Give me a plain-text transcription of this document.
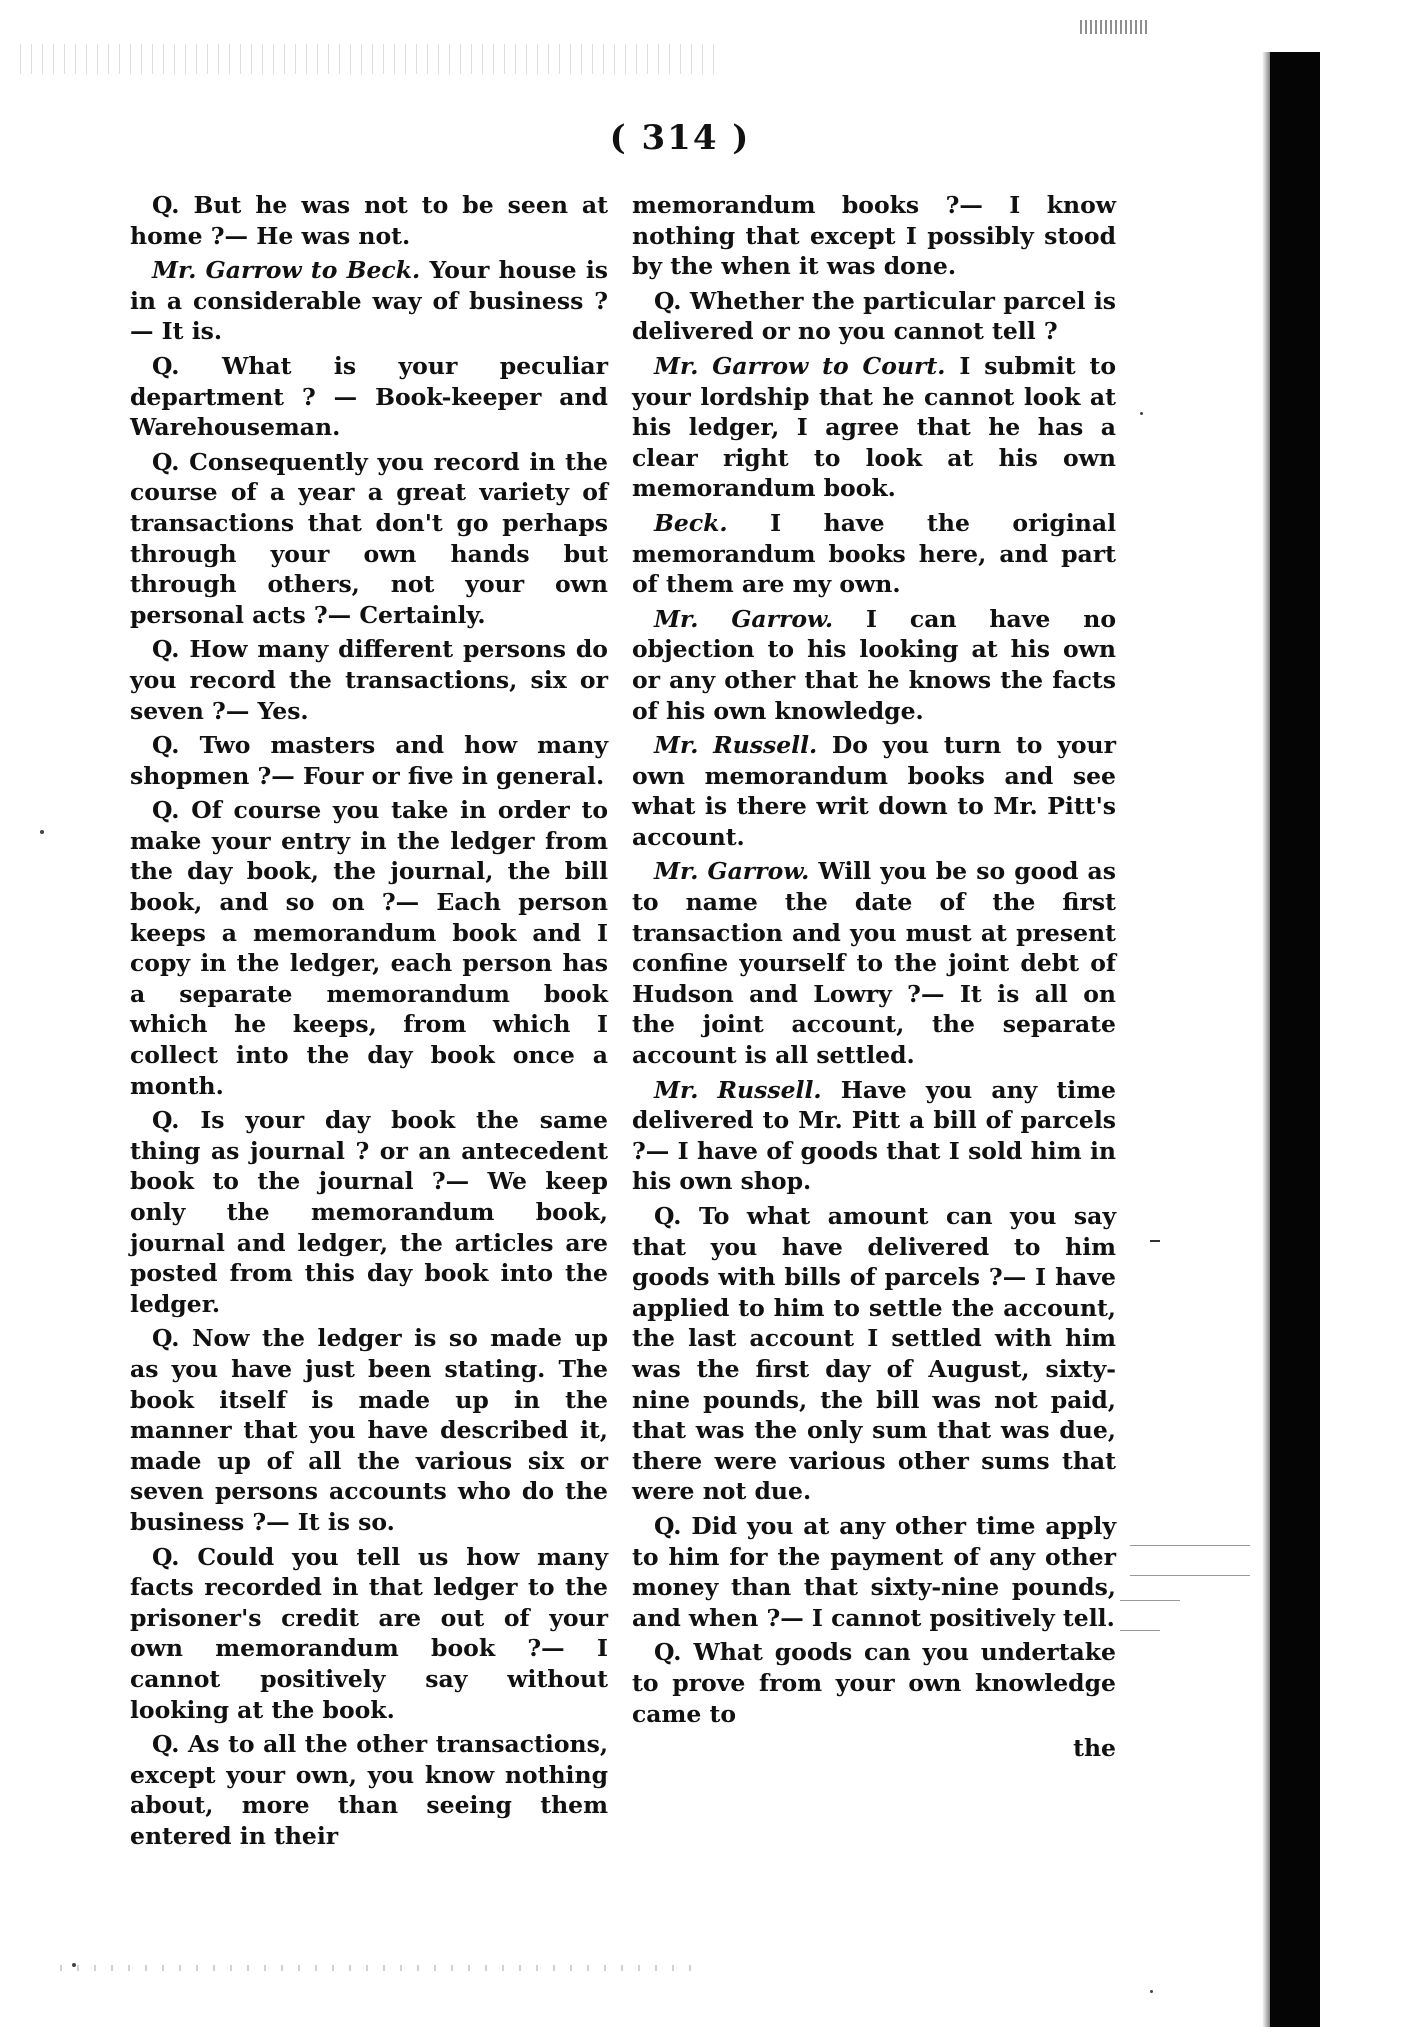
( 314 )

Q. But he was not to be seen at home ?— He was not.

Mr. Garrow to Beck. Your house is in a considerable way of business ?— It is.

Q. What is your peculiar department ? — Book-keeper and Warehouseman.

Q. Consequently you record in the course of a year a great variety of transactions that don't go perhaps through your own hands but through others, not your own personal acts ?— Certainly.

Q. How many different persons do you record the transactions, six or seven ?— Yes.

Q. Two masters and how many shopmen ?— Four or five in general.

Q. Of course you take in order to make your entry in the ledger from the day book, the journal, the bill book, and so on ?— Each person keeps a memorandum book and I copy in the ledger, each person has a separate memorandum book which he keeps, from which I collect into the day book once a month.

Q. Is your day book the same thing as journal ? or an antecedent book to the journal ?— We keep only the memorandum book, journal and ledger, the articles are posted from this day book into the ledger.

Q. Now the ledger is so made up as you have just been stating. The book itself is made up in the manner that you have described it, made up of all the various six or seven persons accounts who do the business ?— It is so.

Q. Could you tell us how many facts recorded in that ledger to the prisoner's credit are out of your own memorandum book ?— I cannot positively say without looking at the book.

Q. As to all the other transactions, except your own, you know nothing about, more than seeing them entered in their

memorandum books ?— I know nothing that except I possibly stood by the when it was done.

Q. Whether the particular parcel is delivered or no you cannot tell ?

Mr. Garrow to Court. I submit to your lordship that he cannot look at his ledger, I agree that he has a clear right to look at his own memorandum book.

Beck. I have the original memorandum books here, and part of them are my own.

Mr. Garrow. I can have no objection to his looking at his own or any other that he knows the facts of his own knowledge.

Mr. Russell. Do you turn to your own memorandum books and see what is there writ down to Mr. Pitt's account.

Mr. Garrow. Will you be so good as to name the date of the first transaction and you must at present confine yourself to the joint debt of Hudson and Lowry ?— It is all on the joint account, the separate account is all settled.

Mr. Russell. Have you any time delivered to Mr. Pitt a bill of parcels ?— I have of goods that I sold him in his own shop.

Q. To what amount can you say that you have delivered to him goods with bills of parcels ?— I have applied to him to settle the account, the last account I settled with him was the first day of August, sixty-nine pounds, the bill was not paid, that was the only sum that was due, there were various other sums that were not due.

Q. Did you at any other time apply to him for the payment of any other money than that sixty-nine pounds, and when ?— I cannot positively tell.

Q. What goods can you undertake to prove from your own knowledge came to

the
